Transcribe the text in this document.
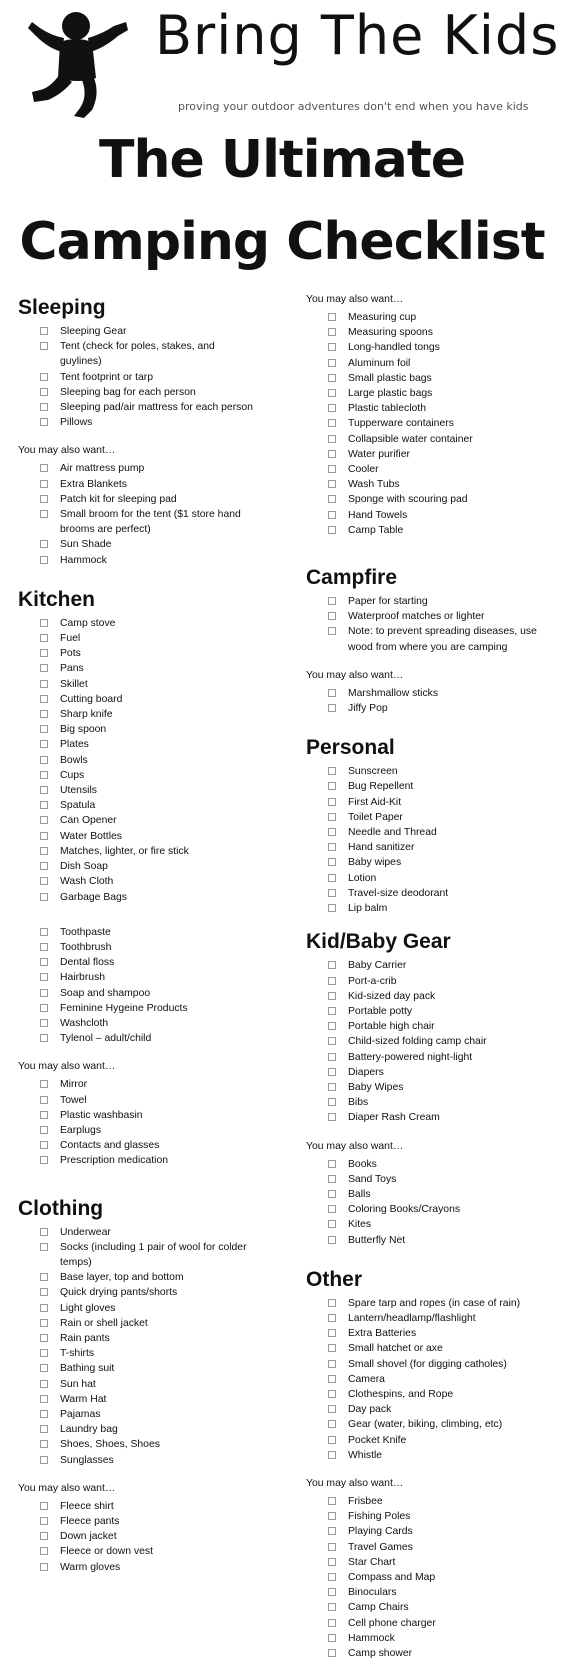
Bring The Kids
proving your outdoor adventures don't end when you have kids
The Ultimate
Camping Checklist
Sleeping
Sleeping Gear
Tent (check for poles, stakes, and
guylines)
Tent footprint or tarp
Sleeping bag for each person
Sleeping pad/air mattress for each person
Pillows
You may also want…
Air mattress pump
Extra Blankets
Patch kit for sleeping pad
Small broom for the tent ($1 store hand
brooms are perfect)
Sun Shade
Hammock
Kitchen
Camp stove
Fuel
Pots
Pans
Skillet
Cutting board
Sharp knife
Big spoon
Plates
Bowls
Cups
Utensils
Spatula
Can Opener
Water Bottles
Matches, lighter, or fire stick
Dish Soap
Wash Cloth
Garbage Bags
Toothpaste
Toothbrush
Dental floss
Hairbrush
Soap and shampoo
Feminine Hygeine Products
Washcloth
Tylenol – adult/child
You may also want…
Mirror
Towel
Plastic washbasin
Earplugs
Contacts and glasses
Prescription medication
Clothing
Underwear
Socks (including 1 pair of wool for colder
temps)
Base layer, top and bottom
Quick drying pants/shorts
Light gloves
Rain or shell jacket
Rain pants
T-shirts
Bathing suit
Sun hat
Warm Hat
Pajamas
Laundry bag
Shoes, Shoes, Shoes
Sunglasses
You may also want…
Fleece shirt
Fleece pants
Down jacket
Fleece or down vest
Warm gloves
You may also want…
Measuring cup
Measuring spoons
Long-handled tongs
Aluminum foil
Small plastic bags
Large plastic bags
Plastic tablecloth
Tupperware containers
Collapsible water container
Water purifier
Cooler
Wash Tubs
Sponge with scouring pad
Hand Towels
Camp Table
Campfire
Paper for starting
Waterproof matches or lighter
Note: to prevent spreading diseases, use
wood from where you are camping
You may also want…
Marshmallow sticks
Jiffy Pop
Personal
Sunscreen
Bug Repellent
First Aid-Kit
Toilet Paper
Needle and Thread
Hand sanitizer
Baby wipes
Lotion
Travel-size deodorant
Lip balm
Kid/Baby Gear
Baby Carrier
Port-a-crib
Kid-sized day pack
Portable potty
Portable high chair
Child-sized folding camp chair
Battery-powered night-light
Diapers
Baby Wipes
Bibs
Diaper Rash Cream
You may also want…
Books
Sand Toys
Balls
Coloring Books/Crayons
Kites
Butterfly Net
Other
Spare tarp and ropes (in case of rain)
Lantern/headlamp/flashlight
Extra Batteries
Small hatchet or axe
Small shovel (for digging catholes)
Camera
Clothespins, and Rope
Day pack
Gear (water, biking, climbing, etc)
Pocket Knife
Whistle
You may also want…
Frisbee
Fishing Poles
Playing Cards
Travel Games
Star Chart
Compass and Map
Binoculars
Camp Chairs
Cell phone charger
Hammock
Camp shower
